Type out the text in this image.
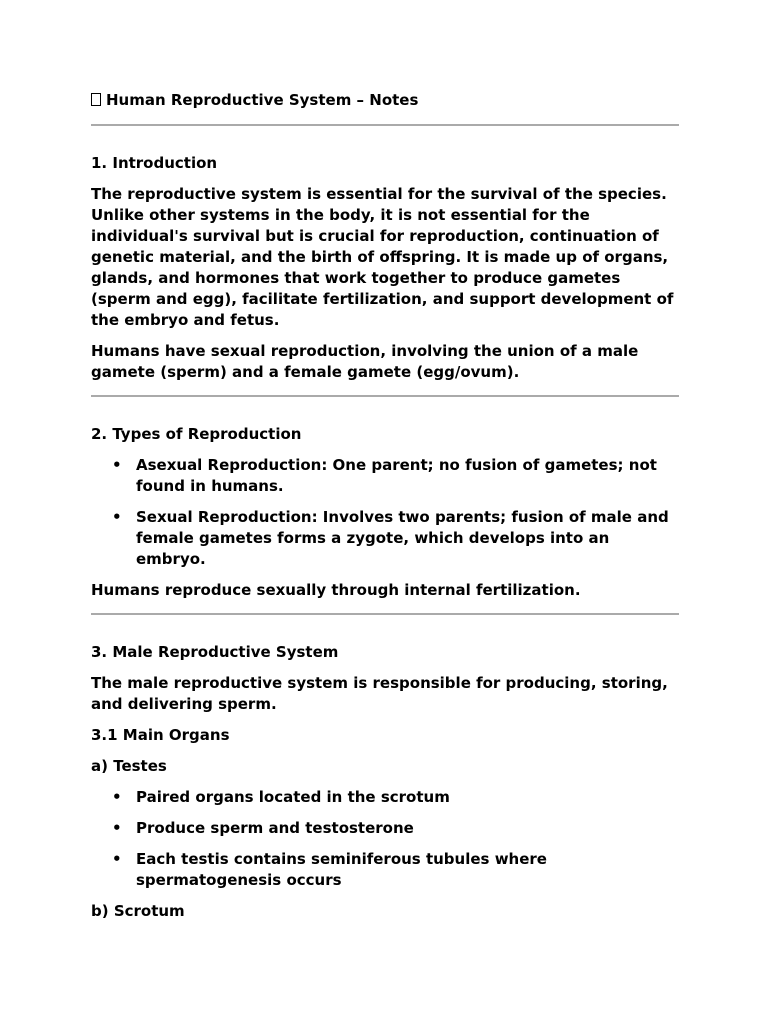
Human Reproductive System – Notes
1. Introduction

The reproductive system is essential for the survival of the species. Unlike other systems in the body, it is not essential for the individual's survival but is crucial for reproduction, continuation of genetic material, and the birth of offspring. It is made up of organs, glands, and hormones that work together to produce gametes (sperm and egg), facilitate fertilization, and support development of the embryo and fetus.

Humans have sexual reproduction, involving the union of a male gamete (sperm) and a female gamete (egg/ovum).

2. Types of Reproduction
• Asexual Reproduction: One parent; no fusion of gametes; not found in humans.
• Sexual Reproduction: Involves two parents; fusion of male and female gametes forms a zygote, which develops into an embryo.

Humans reproduce sexually through internal fertilization.

3. Male Reproductive System

The male reproductive system is responsible for producing, storing, and delivering sperm.

3.1 Main Organs
a) Testes
• Paired organs located in the scrotum
• Produce sperm and testosterone
• Each testis contains seminiferous tubules where spermatogenesis occurs
b) Scrotum
